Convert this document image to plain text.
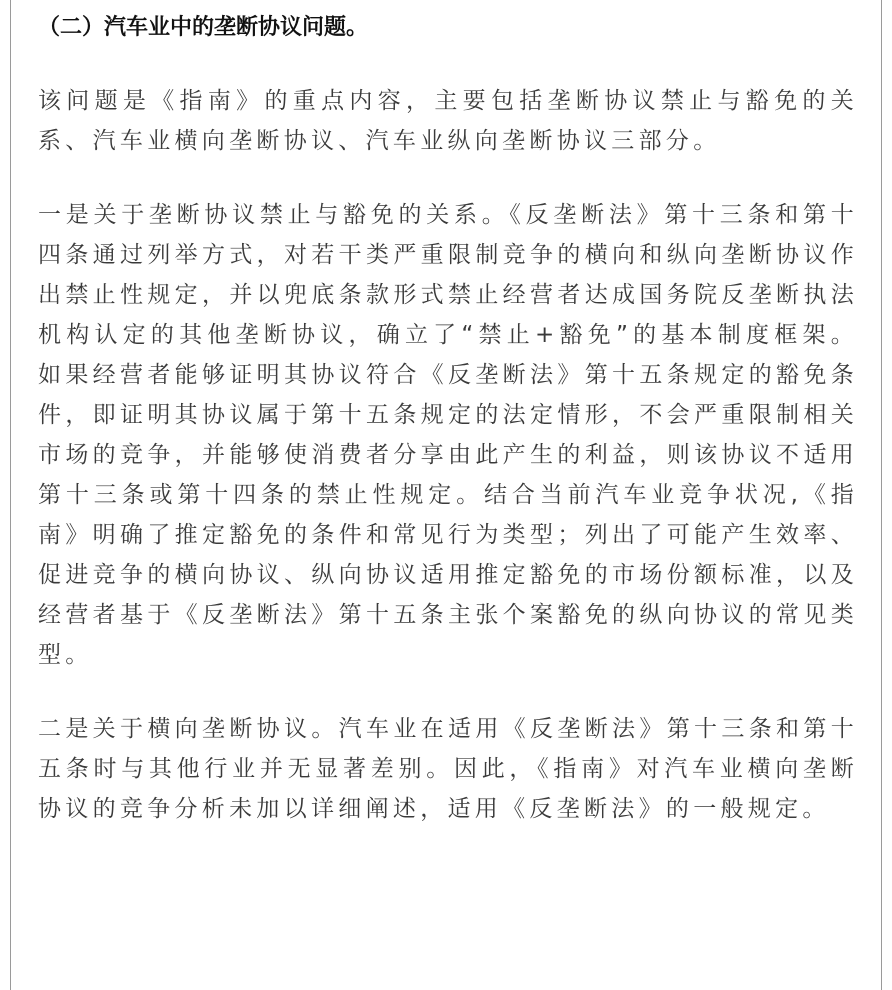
（二）汽车业中的垄断协议问题。

该问题是《指南》的重点内容，主要包括垄断协议禁止与豁免的关系、汽车业横向垄断协议、汽车业纵向垄断协议三部分。

一是关于垄断协议禁止与豁免的关系。《反垄断法》第十三条和第十四条通过列举方式，对若干类严重限制竞争的横向和纵向垄断协议作出禁止性规定，并以兜底条款形式禁止经营者达成国务院反垄断执法机构认定的其他垄断协议，确立了“禁止+豁免”的基本制度框架。如果经营者能够证明其协议符合《反垄断法》第十五条规定的豁免条件，即证明其协议属于第十五条规定的法定情形，不会严重限制相关市场的竞争，并能够使消费者分享由此产生的利益，则该协议不适用第十三条或第十四条的禁止性规定。结合当前汽车业竞争状况,《指南》明确了推定豁免的条件和常见行为类型；列出了可能产生效率、促进竞争的横向协议、纵向协议适用推定豁免的市场份额标准，以及经营者基于《反垄断法》第十五条主张个案豁免的纵向协议的常见类型。

二是关于横向垄断协议。汽车业在适用《反垄断法》第十三条和第十五条时与其他行业并无显著差别。因此，《指南》对汽车业横向垄断协议的竞争分析未加以详细阐述，适用《反垄断法》的一般规定。
